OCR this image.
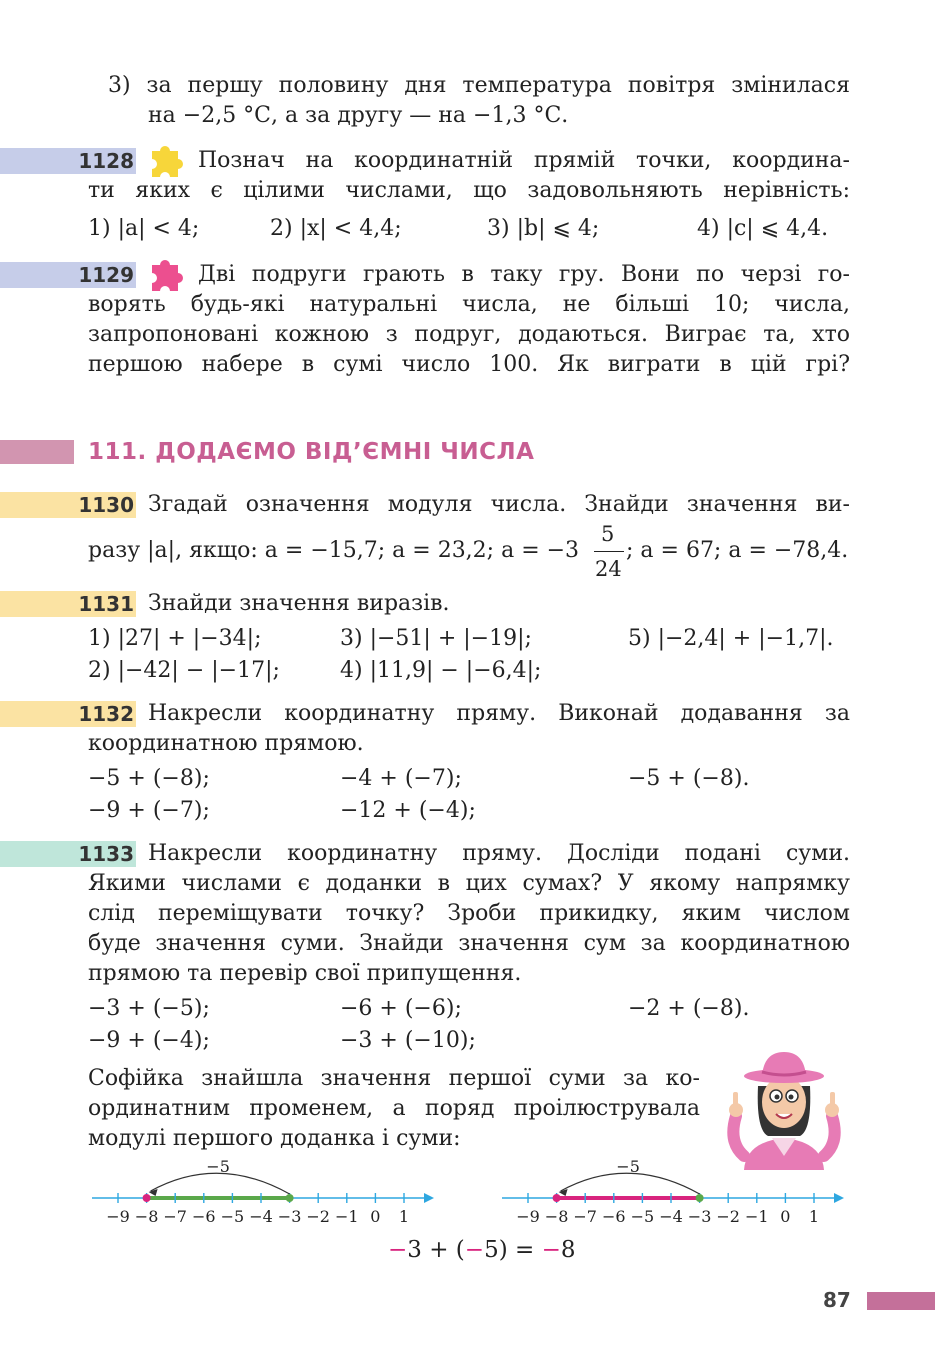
3) за першу половину дня температура повітря змінилася
на −2,5 °С, а за другу — на −1,3 °С.
1128	Познач на координатній прямій точки, координа-
ти яких є цілими числами, що задовольняють нерівність:
1) |a| < 4;	2) |x| < 4,4;	3) |b| ⩽ 4;	4) |c| ⩽ 4,4.
1129	Дві подруги грають в таку гру. Вони по черзі го-
ворять будь-які натуральні числа, не більші 10; числа,
запропоновані кожною з подруг, додаються. Виграє та, хто
першою набере в сумі число 100. Як виграти в цій грі?
111. ДОДАЄМО ВІД’ЄМНІ ЧИСЛА
1130 Згадай означення модуля числа. Знайди значення ви-
разу |a|, якщо: a = −15,7; a = 23,2; a = −3
5
24
; a = 67; a = −78,4.
1131 Знайди значення виразів.
1) |27| + |−34|;	3) |−51| + |−19|;	5) |−2,4| + |−1,7|.
2) |−42| − |−17|;	4) |11,9| − |−6,4|;
1132 Накресли координатну пряму. Виконай додавання за
координатною прямою.
−5 + (−8);	−4 + (−7);	−5 + (−8).
−9 + (−7);	−12 + (−4);
1133 Накресли координатну пряму. Досліди подані суми.
Якими числами є доданки в цих сумах? У якому напрямку
слід переміщувати точку? Зроби прикидку, яким числом
буде значення суми. Знайди значення сум за координатною
прямою та перевір свої припущення.
−3 + (−5);	−6 + (−6);	−2 + (−8).
−9 + (−4);	−3 + (−10);
Софійка знайшла значення першої суми за ко-
ординатним променем, а поряд проілюструвала
модулі першого доданка і суми:
−9 −8 −7 −6 −5 −4 −3 −2 −1 0 1
−5
−9 −8 −7 −6 −5 −4 −3 −2 −1 0 1
−5
−3 + (−5) = −8
87
